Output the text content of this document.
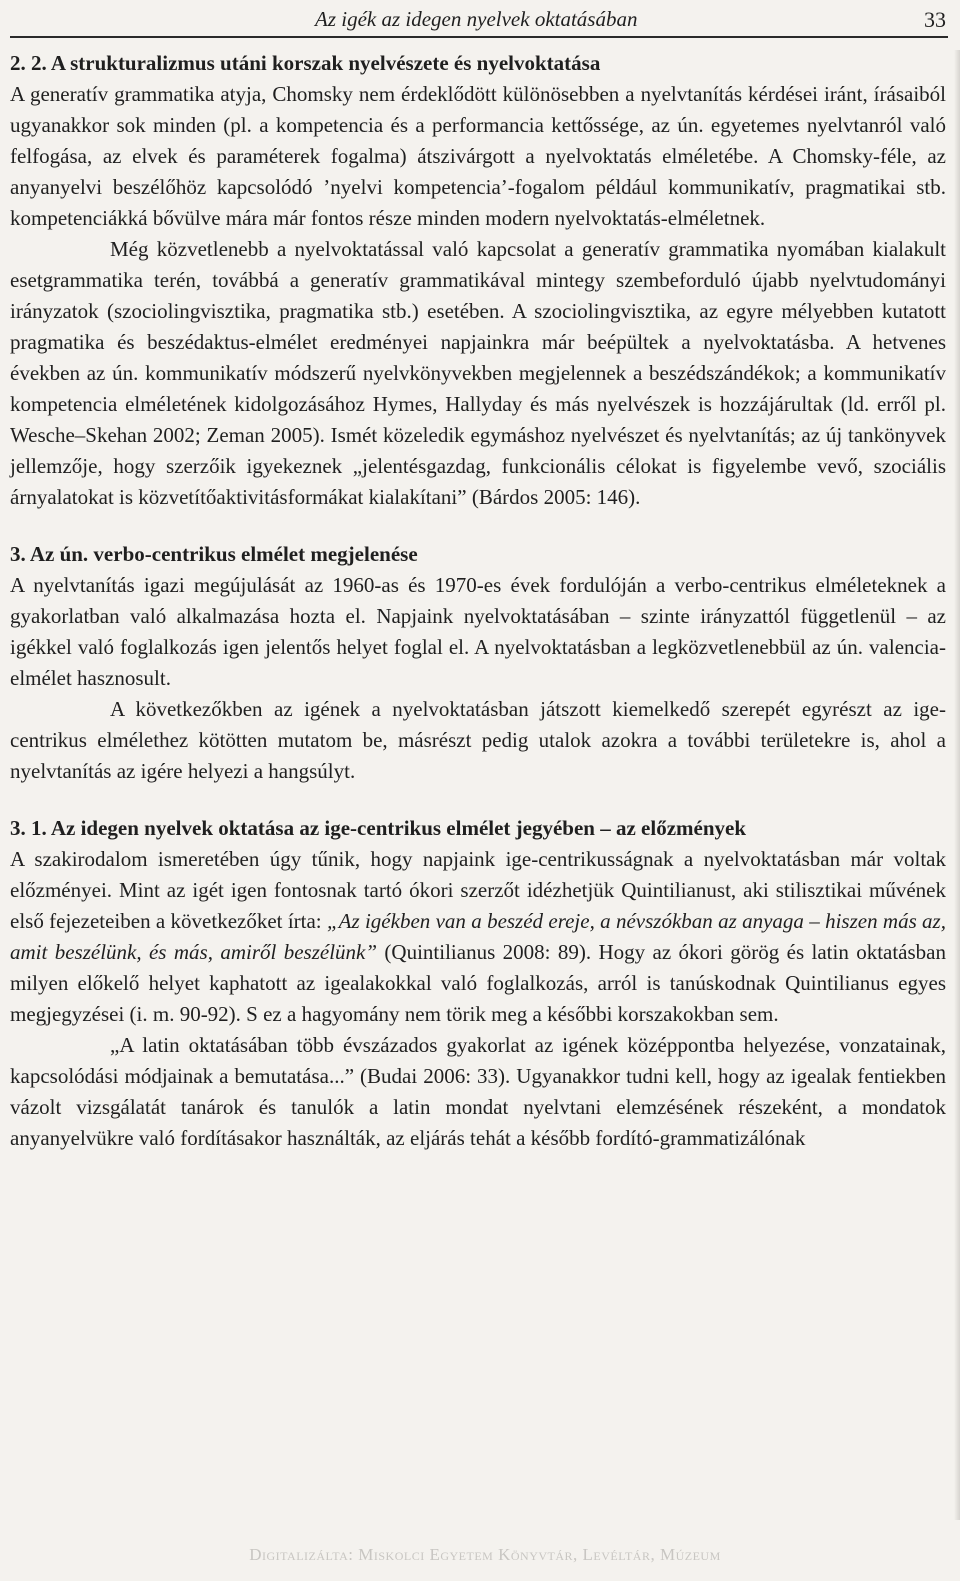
Az igék az idegen nyelvek oktatásában	33

2. 2. A strukturalizmus utáni korszak nyelvészete és nyelvoktatása

A generatív grammatika atyja, Chomsky nem érdeklődött különösebben a nyelvtanítás kérdései iránt, írásaiból ugyanakkor sok minden (pl. a kompetencia és a performancia kettőssége, az ún. egyetemes nyelvtanról való felfogása, az elvek és paraméterek fogalma) átszivárgott a nyelvoktatás elméletébe. A Chomsky-féle, az anyanyelvi beszélőhöz kapcsolódó ’nyelvi kompetencia’-fogalom például kommunikatív, pragmatikai stb. kompetenciákká bővülve mára már fontos része minden modern nyelvoktatás-elméletnek.

Még közvetlenebb a nyelvoktatással való kapcsolat a generatív grammatika nyomában kialakult esetgrammatika terén, továbbá a generatív grammatikával mintegy szembeforduló újabb nyelvtudományi irányzatok (szociolingvisztika, pragmatika stb.) esetében. A szociolingvisztika, az egyre mélyebben kutatott pragmatika és beszédaktus-elmélet eredményei napjainkra már beépültek a nyelvoktatásba. A hetvenes években az ún. kommunikatív módszerű nyelvkönyvekben megjelennek a beszédszándékok; a kommunikatív kompetencia elméletének kidolgozásához Hymes, Hallyday és más nyelvészek is hozzájárultak (ld. erről pl. Wesche–Skehan 2002; Zeman 2005). Ismét közeledik egymáshoz nyelvészet és nyelvtanítás; az új tankönyvek jellemzője, hogy szerzőik igyekeznek „jelentésgazdag, funkcionális célokat is figyelembe vevő, szociális árnyalatokat is közvetítőaktivitásformákat kialakítani” (Bárdos 2005: 146).

3. Az ún. verbo-centrikus elmélet megjelenése

A nyelvtanítás igazi megújulását az 1960-as és 1970-es évek fordulóján a verbo-centrikus elméleteknek a gyakorlatban való alkalmazása hozta el. Napjaink nyelvoktatásában – szinte irányzattól függetlenül – az igékkel való foglalkozás igen jelentős helyet foglal el. A nyelvoktatásban a legközvetlenebbül az ún. valencia-elmélet hasznosult.

A következőkben az igének a nyelvoktatásban játszott kiemelkedő szerepét egyrészt az ige-centrikus elmélethez kötötten mutatom be, másrészt pedig utalok azokra a további területekre is, ahol a nyelvtanítás az igére helyezi a hangsúlyt.

3. 1. Az idegen nyelvek oktatása az ige-centrikus elmélet jegyében – az előzmények

A szakirodalom ismeretében úgy tűnik, hogy napjaink ige-centrikusságnak a nyelvoktatásban már voltak előzményei. Mint az igét igen fontosnak tartó ókori szerzőt idézhetjük Quintilianust, aki stilisztikai művének első fejezeteiben a következőket írta: „Az igékben van a beszéd ereje, a névszókban az anyaga – hiszen más az, amit beszélünk, és más, amiről beszélünk” (Quintilianus 2008: 89). Hogy az ókori görög és latin oktatásban milyen előkelő helyet kaphatott az igealakokkal való foglalkozás, arról is tanúskodnak Quintilianus egyes megjegyzései (i. m. 90-92). S ez a hagyomány nem törik meg a későbbi korszakokban sem.

„A latin oktatásában több évszázados gyakorlat az igének középpontba helyezése, vonzatainak, kapcsolódási módjainak a bemutatása...” (Budai 2006: 33). Ugyanakkor tudni kell, hogy az igealak fentiekben vázolt vizsgálatát tanárok és tanulók a latin mondat nyelvtani elemzésének részeként, a mondatok anyanyelvükre való fordításakor használták, az eljárás tehát a később fordító-grammatizálónak

Digitalizálta: Miskolci Egyetem Könyvtár, Levéltár, Múzeum
